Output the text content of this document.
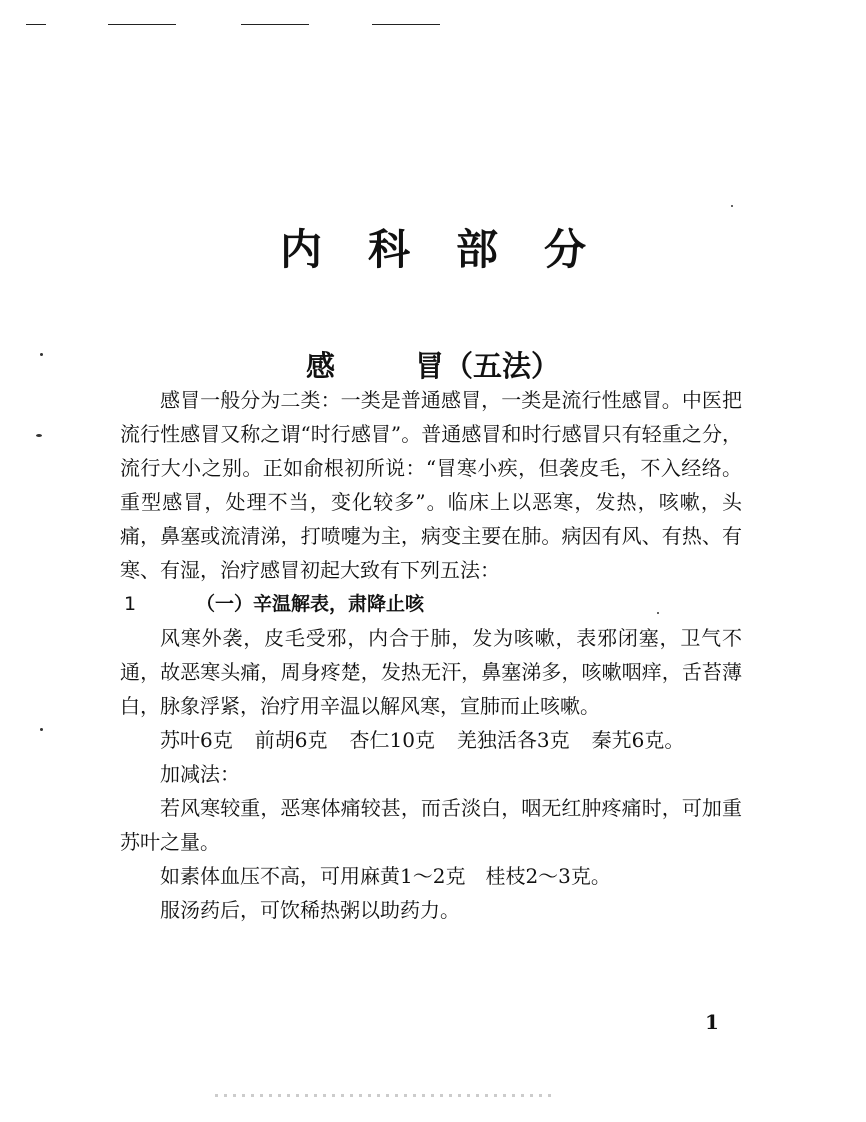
内科部分
感	冒（五法）

感冒一般分为二类：一类是普通感冒，一类是流行性感冒。中医把流行性感冒又称之谓“时行感冒”。普通感冒和时行感冒只有轻重之分，流行大小之别。正如俞根初所说：“冒寒小疾，但袭皮毛，不入经络。重型感冒，处理不当，变化较多”。临床上以恶寒，发热，咳嗽，头痛，鼻塞或流清涕，打喷嚏为主，病变主要在肺。病因有风、有热、有寒、有湿，治疗感冒初起大致有下列五法：

1	（一）辛温解表，肃降止咳

风寒外袭，皮毛受邪，内合于肺，发为咳嗽，表邪闭塞，卫气不通，故恶寒头痛，周身疼楚，发热无汗，鼻塞涕多，咳嗽咽痒，舌苔薄白，脉象浮紧，治疗用辛温以解风寒，宣肺而止咳嗽。

苏叶6克 前胡6克 杏仁10克 羌独活各3克 秦艽6克。

加减法：

若风寒较重，恶寒体痛较甚，而舌淡白，咽无红肿疼痛时，可加重苏叶之量。

如素体血压不高，可用麻黄1～2克　桂枝2～3克。

服汤药后，可饮稀热粥以助药力。

1
